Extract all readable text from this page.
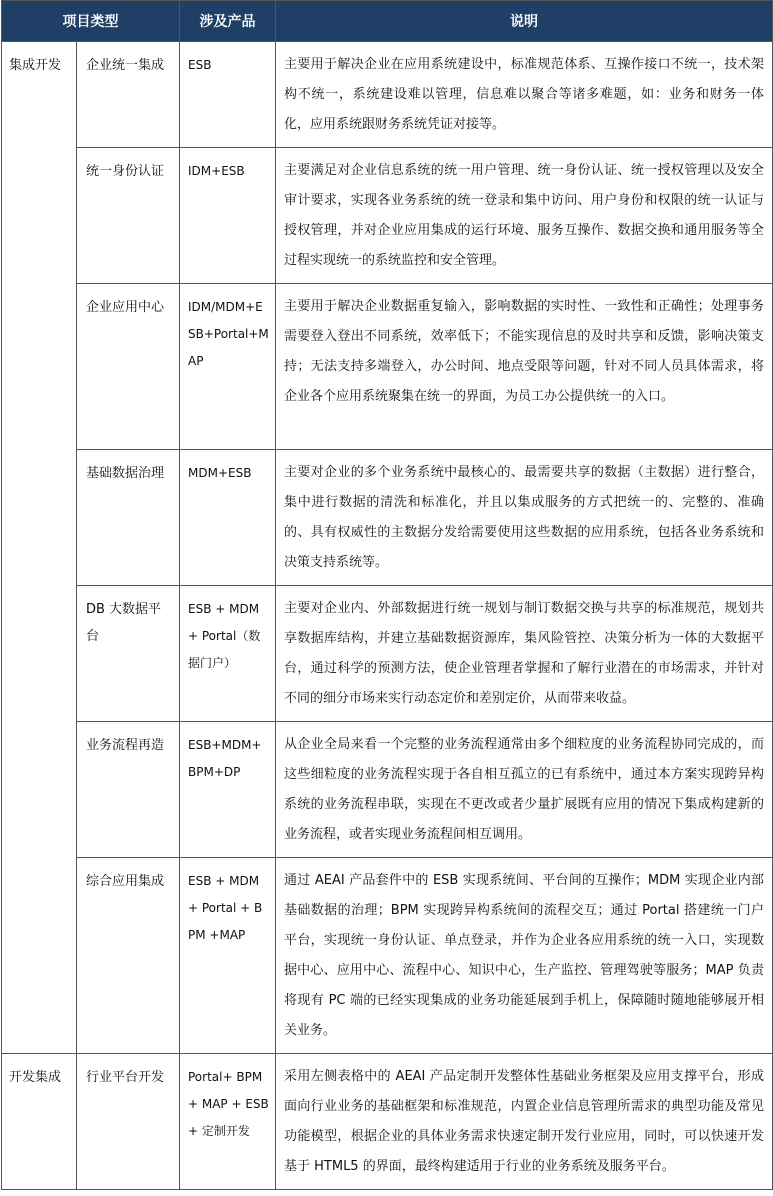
项目类型		涉及产品	说明
集成开发	企业统一集成	ESB	主要用于解决企业在应用系统建设中，标准规范体系、互操作接口不统一，技术架构不统一，系统建设难以管理，信息难以聚合等诸多难题，如：业务和财务一体化，应用系统跟财务系统凭证对接等。
	统一身份认证	IDM+ESB	主要满足对企业信息系统的统一用户管理、统一身份认证、统一授权管理以及安全审计要求，实现各业务系统的统一登录和集中访问、用户身份和权限的统一认证与授权管理，并对企业应用集成的运行环境、服务互操作、数据交换和通用服务等全过程实现统一的系统监控和安全管理。
	企业应用中心	IDM/MDM+ESB+Portal+MAP	主要用于解决企业数据重复输入，影响数据的实时性、一致性和正确性；处理事务需要登入登出不同系统，效率低下；不能实现信息的及时共享和反馈，影响决策支持；无法支持多端登入，办公时间、地点受限等问题，针对不同人员具体需求，将企业各个应用系统聚集在统一的界面，为员工办公提供统一的入口。
	基础数据治理	MDM+ESB	主要对企业的多个业务系统中最核心的、最需要共享的数据（主数据）进行整合，集中进行数据的清洗和标准化，并且以集成服务的方式把统一的、完整的、准确的、具有权威性的主数据分发给需要使用这些数据的应用系统，包括各业务系统和决策支持系统等。
	DB 大数据平台	ESB + MDM + Portal（数据门户）	主要对企业内、外部数据进行统一规划与制订数据交换与共享的标准规范，规划共享数据库结构，并建立基础数据资源库，集风险管控、决策分析为一体的大数据平台，通过科学的预测方法，使企业管理者掌握和了解行业潜在的市场需求，并针对不同的细分市场来实行动态定价和差别定价，从而带来收益。
	业务流程再造	ESB+MDM+BPM+DP	从企业全局来看一个完整的业务流程通常由多个细粒度的业务流程协同完成的，而这些细粒度的业务流程实现于各自相互孤立的已有系统中，通过本方案实现跨异构系统的业务流程串联，实现在不更改或者少量扩展既有应用的情况下集成构建新的业务流程，或者实现业务流程间相互调用。
	综合应用集成	ESB + MDM + Portal + BPM +MAP	通过 AEAI 产品套件中的 ESB 实现系统间、平台间的互操作；MDM 实现企业内部基础数据的治理；BPM 实现跨异构系统间的流程交互；通过 Portal 搭建统一门户平台，实现统一身份认证、单点登录，并作为企业各应用系统的统一入口，实现数据中心、应用中心、流程中心、知识中心，生产监控、管理驾驶等服务；MAP 负责将现有 PC 端的已经实现集成的业务功能延展到手机上，保障随时随地能够展开相关业务。
开发集成	行业平台开发	Portal+ BPM + MAP + ESB + 定制开发	采用左侧表格中的 AEAI 产品定制开发整体性基础业务框架及应用支撑平台，形成面向行业业务的基础框架和标准规范，内置企业信息管理所需求的典型功能及常见功能模型，根据企业的具体业务需求快速定制开发行业应用，同时，可以快速开发基于 HTML5 的界面，最终构建适用于行业的业务系统及服务平台。
